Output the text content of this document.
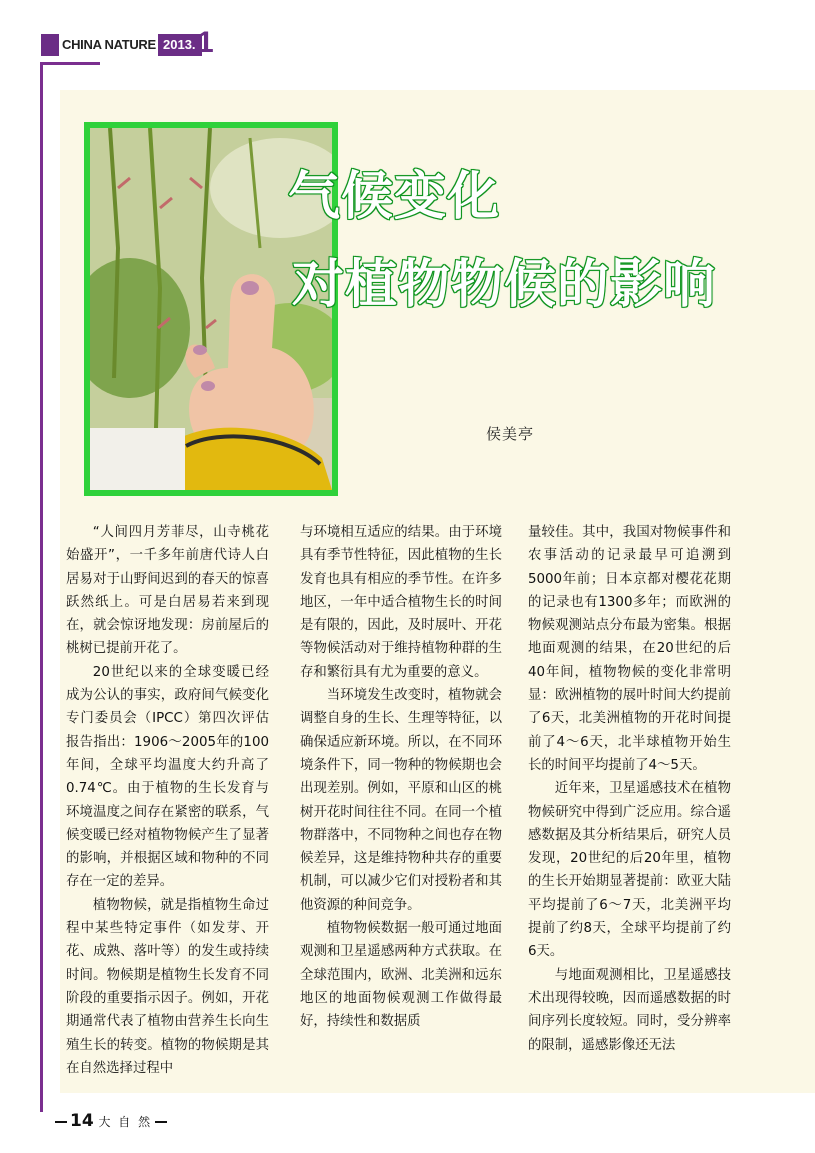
CHINA NATURE 2013. 1
气候变化
对植物物候的影响
侯美亭

“人间四月芳菲尽，山寺桃花始盛开”，一千多年前唐代诗人白居易对于山野间迟到的春天的惊喜跃然纸上。可是白居易若来到现在，就会惊讶地发现：房前屋后的桃树已提前开花了。

20世纪以来的全球变暖已经成为公认的事实，政府间气候变化专门委员会（IPCC）第四次评估报告指出：1906～2005年的100年间，全球平均温度大约升高了0.74℃。由于植物的生长发育与环境温度之间存在紧密的联系，气候变暖已经对植物物候产生了显著的影响，并根据区域和物种的不同存在一定的差异。

植物物候，就是指植物生命过程中某些特定事件（如发芽、开花、成熟、落叶等）的发生或持续时间。物候期是植物生长发育不同阶段的重要指示因子。例如，开花期通常代表了植物由营养生长向生殖生长的转变。植物的物候期是其在自然选择过程中

与环境相互适应的结果。由于环境具有季节性特征，因此植物的生长发育也具有相应的季节性。在许多地区，一年中适合植物生长的时间是有限的，因此，及时展叶、开花等物候活动对于维持植物种群的生存和繁衍具有尤为重要的意义。

当环境发生改变时，植物就会调整自身的生长、生理等特征，以确保适应新环境。所以，在不同环境条件下，同一物种的物候期也会出现差别。例如，平原和山区的桃树开花时间往往不同。在同一个植物群落中，不同物种之间也存在物候差异，这是维持物种共存的重要机制，可以减少它们对授粉者和其他资源的种间竞争。

植物物候数据一般可通过地面观测和卫星遥感两种方式获取。在全球范围内，欧洲、北美洲和远东地区的地面物候观测工作做得最好，持续性和数据质

量较佳。其中，我国对物候事件和农事活动的记录最早可追溯到5000年前；日本京都对樱花花期的记录也有1300多年；而欧洲的物候观测站点分布最为密集。根据地面观测的结果，在20世纪的后40年间，植物物候的变化非常明显：欧洲植物的展叶时间大约提前了6天，北美洲植物的开花时间提前了4～6天，北半球植物开始生长的时间平均提前了4～5天。

近年来，卫星遥感技术在植物物候研究中得到广泛应用。综合遥感数据及其分析结果后，研究人员发现，20世纪的后20年里，植物的生长开始期显著提前：欧亚大陆平均提前了6～7天，北美洲平均提前了约8天，全球平均提前了约6天。

与地面观测相比，卫星遥感技术出现得较晚，因而遥感数据的时间序列长度较短。同时，受分辨率的限制，遥感影像还无法

14 大 自 然
